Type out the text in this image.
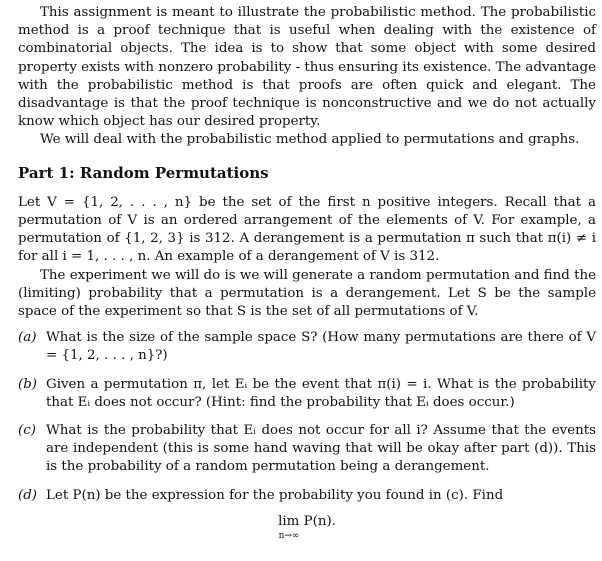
This assignment is meant to illustrate the probabilistic method. The probabilistic method is a proof technique that is useful when dealing with the existence of combinatorial objects. The idea is to show that some object with some desired property exists with nonzero probability - thus ensuring its existence. The advantage with the probabilistic method is that proofs are often quick and elegant. The disadvantage is that the proof technique is nonconstructive and we do not actually know which object has our desired property.

We will deal with the probabilistic method applied to permutations and graphs.

Part 1: Random Permutations

Let V = {1, 2, . . . , n} be the set of the first n positive integers. Recall that a permutation of V is an ordered arrangement of the elements of V. For example, a permutation of {1, 2, 3} is 312. A derangement is a permutation π such that π(i) ≠ i for all i = 1, . . . , n. An example of a derangement of V is 312.

The experiment we will do is we will generate a random permutation and find the (limiting) probability that a permutation is a derangement. Let S be the sample space of the experiment so that S is the set of all permutations of V.

(a) What is the size of the sample space S? (How many permutations are there of V = {1, 2, . . . , n}?)
(b) Given a permutation π, let Eᵢ be the event that π(i) = i. What is the probability that Eᵢ does not occur? (Hint: find the probability that Eᵢ does occur.)
(c) What is the probability that Eᵢ does not occur for all i? Assume that the events are independent (this is some hand waving that will be okay after part (d)). This is the probability of a random permutation being a derangement.
(d) Let P(n) be the expression for the probability you found in (c). Find
lim P(n).
n→∞
